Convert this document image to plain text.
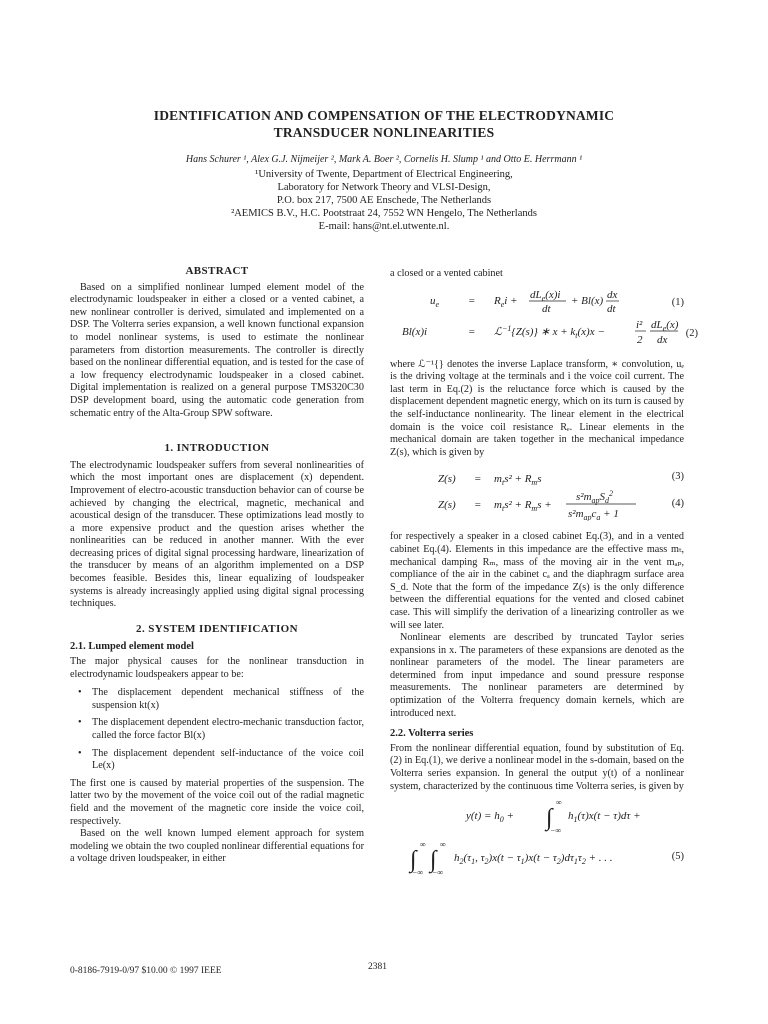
IDENTIFICATION AND COMPENSATION OF THE ELECTRODYNAMIC
TRANSDUCER NONLINEARITIES
Hans Schurer ¹, Alex G.J. Nijmeijer ², Mark A. Boer ², Cornelis H. Slump ¹ and Otto E. Herrmann ¹
¹University of Twente, Department of Electrical Engineering,
Laboratory for Network Theory and VLSI-Design,
P.O. box 217, 7500 AE Enschede, The Netherlands
²AEMICS B.V., H.C. Pootstraat 24, 7552 WN Hengelo, The Netherlands
E-mail: hans@nt.el.utwente.nl.
ABSTRACT

Based on a simplified nonlinear lumped element model of the electrodynamic loudspeaker in either a closed or a vented cabinet, a new nonlinear controller is derived, simulated and implemented on a DSP. The Volterra series expansion, a well known functional expansion to model nonlinear systems, is used to estimate the nonlinear parameters from distortion measurements. The controller is directly based on the nonlinear differential equation, and is tested for the case of a low frequency electrodynamic loudspeaker in a closed cabinet. Digital implementation is realized on a general purpose TMS320C30 DSP development board, using the automatic code generation from schematic entry of the Alta-Group SPW software.

1. INTRODUCTION

The electrodynamic loudspeaker suffers from several nonlinearities of which the most important ones are displacement (x) dependent. Improvement of electro-acoustic transduction behavior can of course be achieved by changing the electrical, magnetic, mechanical and acoustical design of the transducer. These optimizations lead mostly to a more expensive product and the question arises whether the nonlinearities can be reduced in another manner. With the ever decreasing prices of digital signal processing hardware, linearization of the transducer by means of an algorithm implemented on a DSP becomes feasible. Besides this, linear equalizing of loudspeaker systems is already increasingly applied using digital signal processing techniques.

2. SYSTEM IDENTIFICATION
2.1. Lumped element model

The major physical causes for the nonlinear transduction in electrodynamic loudspeakers appear to be:

• The displacement dependent mechanical stiffness of the suspension kt(x)
• The displacement dependent electro-mechanic transduction factor, called the force factor Bl(x)
• The displacement dependent self-inductance of the voice coil Le(x)

The first one is caused by material properties of the suspension. The latter two by the movement of the voice coil out of the radial magnetic field and the movement of the magnetic core inside the voice coil, respectively.

Based on the well known lumped element approach for system modeling we obtain the two coupled nonlinear differential equations for a voltage driven loudspeaker, in either

a closed or a vented cabinet

$u_e$	= $R_ei + dL_e(x)i$
dt
+ Bl(x) dx
dt
(1)
Bl(x)i	= ℒ$^{-1}${Z(s)} ∗ $x + k_t(x)x$ −
i²
2
$dL_e(x)$
dx
(2)

where ℒ⁻¹{} denotes the inverse Laplace transform, ∗ convolution, uₑ is the driving voltage at the terminals and i the voice coil current. The last term in Eq.(2) is the reluctance force which is caused by the displacement dependent magnetic energy, which on its turn is caused by the self-inductance nonlinearity. The linear element in the electrical domain is the voice coil resistance Rₑ. Linear elements in the mechanical domain are taken together in the mechanical impedance Z(s), which is given by

$Z(s) = m_ts^2 + R_ms$	(3)
$Z(s) = m_ts^2 + R_ms$ +
$s^2m_{ap}S_d^2$
$s^2m_{ap}c_a + 1$
(4)

for respectively a speaker in a closed cabinet Eq.(3), and in a vented cabinet Eq.(4). Elements in this impedance are the effective mass mₜ, mechanical damping Rₘ, mass of the moving air in the vent mₐₚ, compliance of the air in the cabinet cₐ and the diaphragm surface area S_d. Note that the form of the impedance Z(s) is the only difference between the differential equations for the vented and closed cabinet case. This will simplify the derivation of a linearizing controller as we will see later.

Nonlinear elements are described by truncated Taylor series expansions in x. The parameters of these expansions are denoted as the nonlinear parameters of the model. The linear parameters are determined from input impedance and sound pressure response measurements. The nonlinear parameters are determined by optimization of the Volterra frequency domain kernels, which are introduced next.

2.2. Volterra series

From the nonlinear differential equation, found by substitution of Eq.(2) in Eq.(1), we derive a nonlinear model in the s-domain, based on the Volterra series expansion. In general the output y(t) of a nonlinear system, characterized by the continuous time Volterra series, is given by

$y(t) = h_0$ + ∫
∞
−∞
$h_1(\tau)x(t - \tau)d\tau$ +
∫
∞
−∞ ∫
∞
−∞
$h_2(\tau_1$, $\tau_2)x(t - \tau_1)x(t - \tau_2)d\tau_1\tau_2$ + . . .	(5)
0-8186-7919-0/97 $10.00 © 1997 IEEE	2381
